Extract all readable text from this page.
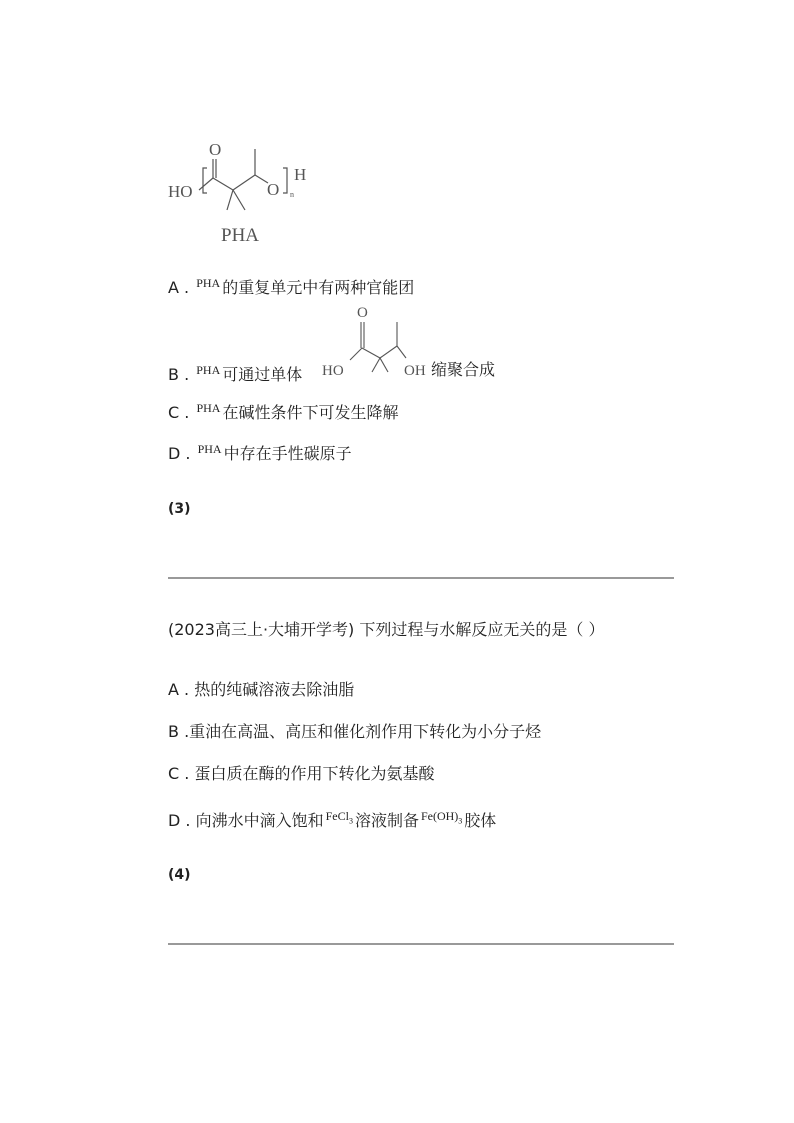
O
HO	O
H
n
PHA
A . $^{PHA}$ 的重复单元中有两种官能团
B . $^{PHA}$ 可通过单体
O
HO	OH 缩聚合成
C . $^{PHA}$ 在碱性条件下可发生降解
D . $^{PHA}$ 中存在手性碳原子
(3)
(2023高三上·大埔开学考) 下列过程与水解反应无关的是（ ）
A . 热的纯碱溶液去除油脂
B .重油在高温、高压和催化剂作用下转化为小分子烃
C . 蛋白质在酶的作用下转化为氨基酸
D . 向沸水中滴入饱和 $^{FeCl_3}$ 溶液制备 $^{Fe(OH)_3}$ 胶体
(4)
